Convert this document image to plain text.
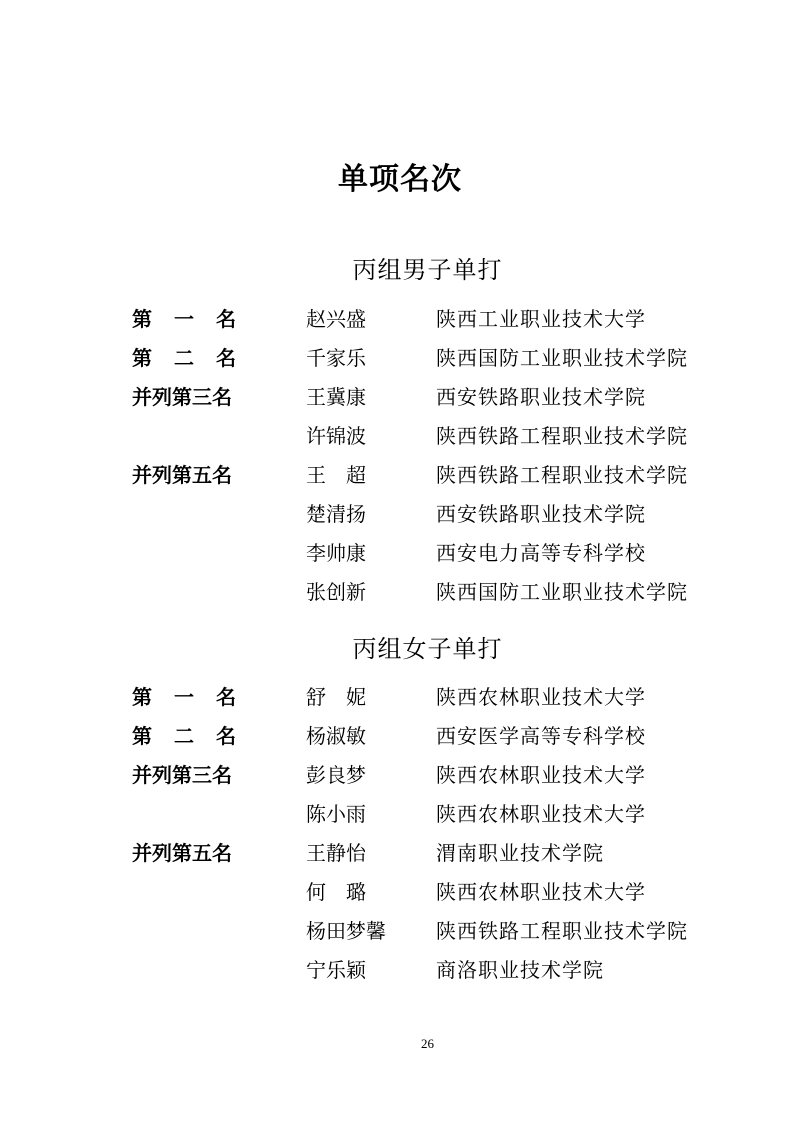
单项名次
丙组男子单打
第 一 名	赵兴盛	陕西工业职业技术大学
第 二 名	千家乐	陕西国防工业职业技术学院
并列第三名	王冀康	西安铁路职业技术学院
许锦波	陕西铁路工程职业技术学院
并列第五名	王 超	陕西铁路工程职业技术学院
楚清扬	西安铁路职业技术学院
李帅康	西安电力高等专科学校
张创新	陕西国防工业职业技术学院
丙组女子单打
第 一 名	舒 妮	陕西农林职业技术大学
第 二 名	杨淑敏	西安医学高等专科学校
并列第三名	彭良梦	陕西农林职业技术大学
陈小雨	陕西农林职业技术大学
并列第五名	王静怡	渭南职业技术学院
何 璐	陕西农林职业技术大学
杨田梦馨	陕西铁路工程职业技术学院
宁乐颖	商洛职业技术学院
26
